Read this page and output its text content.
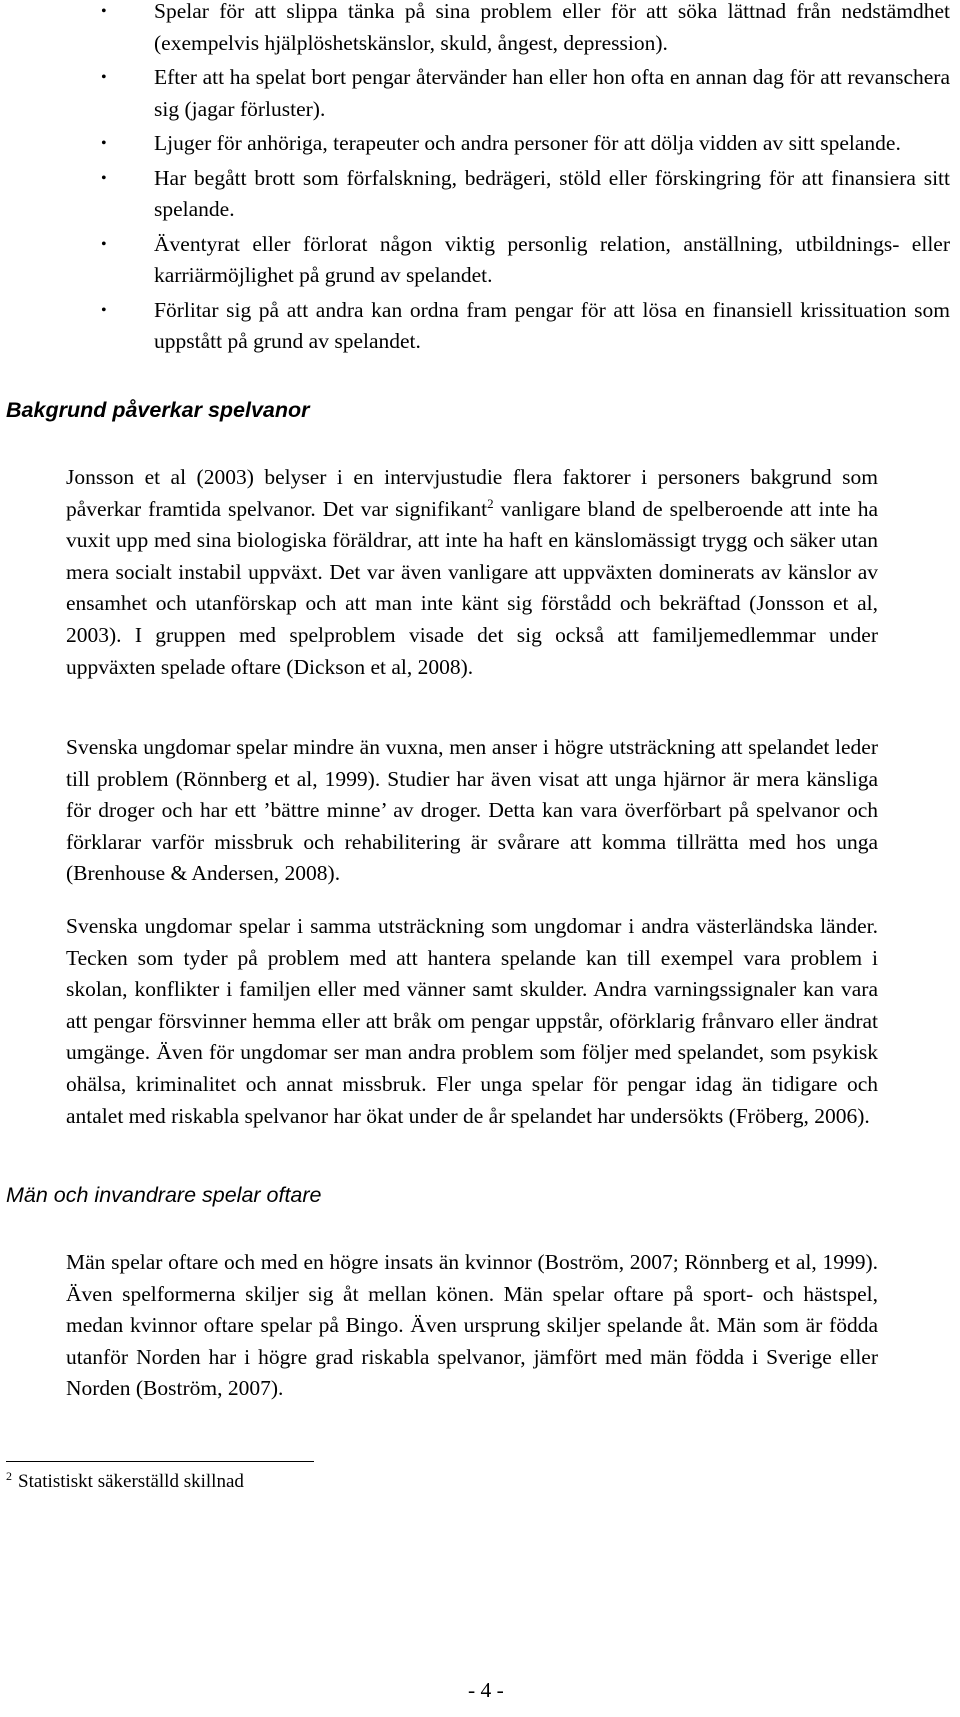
• Spelar för att slippa tänka på sina problem eller för att söka lättnad från nedstämdhet (exempelvis hjälplöshetskänslor, skuld, ångest, depression).
• Efter att ha spelat bort pengar återvänder han eller hon ofta en annan dag för att revanschera sig (jagar förluster).
• Ljuger för anhöriga, terapeuter och andra personer för att dölja vidden av sitt spelande.
• Har begått brott som förfalskning, bedrägeri, stöld eller förskingring för att finansiera sitt spelande.
• Äventyrat eller förlorat någon viktig personlig relation, anställning, utbildnings- eller karriärmöjlighet på grund av spelandet.
• Förlitar sig på att andra kan ordna fram pengar för att lösa en finansiell krissituation som uppstått på grund av spelandet.
Bakgrund påverkar spelvanor

Jonsson et al (2003) belyser i en intervjustudie flera faktorer i personers bakgrund som påverkar framtida spelvanor. Det var signifikant$^2$ vanligare bland de spelberoende att inte ha vuxit upp med sina biologiska föräldrar, att inte ha haft en känslomässigt trygg och säker utan mera socialt instabil uppväxt. Det var även vanligare att uppväxten dominerats av känslor av ensamhet och utanförskap och att man inte känt sig förstådd och bekräftad (Jonsson et al, 2003). I gruppen med spelproblem visade det sig också att familjemedlemmar under uppväxten spelade oftare (Dickson et al, 2008).

Svenska ungdomar spelar mindre än vuxna, men anser i högre utsträckning att spelandet leder till problem (Rönnberg et al, 1999). Studier har även visat att unga hjärnor är mera känsliga för droger och har ett ’bättre minne’ av droger. Detta kan vara överförbart på spelvanor och förklarar varför missbruk och rehabilitering är svårare att komma tillrätta med hos unga (Brenhouse & Andersen, 2008).

Svenska ungdomar spelar i samma utsträckning som ungdomar i andra västerländska länder. Tecken som tyder på problem med att hantera spelande kan till exempel vara problem i skolan, konflikter i familjen eller med vänner samt skulder. Andra varningssignaler kan vara att pengar försvinner hemma eller att bråk om pengar uppstår, oförklarig frånvaro eller ändrat umgänge. Även för ungdomar ser man andra problem som följer med spelandet, som psykisk ohälsa, kriminalitet och annat missbruk. Fler unga spelar för pengar idag än tidigare och antalet med riskabla spelvanor har ökat under de år spelandet har undersökts (Fröberg, 2006).

Män och invandrare spelar oftare

Män spelar oftare och med en högre insats än kvinnor (Boström, 2007; Rönnberg et al, 1999). Även spelformerna skiljer sig åt mellan könen. Män spelar oftare på sport- och hästspel, medan kvinnor oftare spelar på Bingo. Även ursprung skiljer spelande åt. Män som är födda utanför Norden har i högre grad riskabla spelvanor, jämfört med män födda i Sverige eller Norden (Boström, 2007).

$^2$ Statistiskt säkerställd skillnad

- 4 -
